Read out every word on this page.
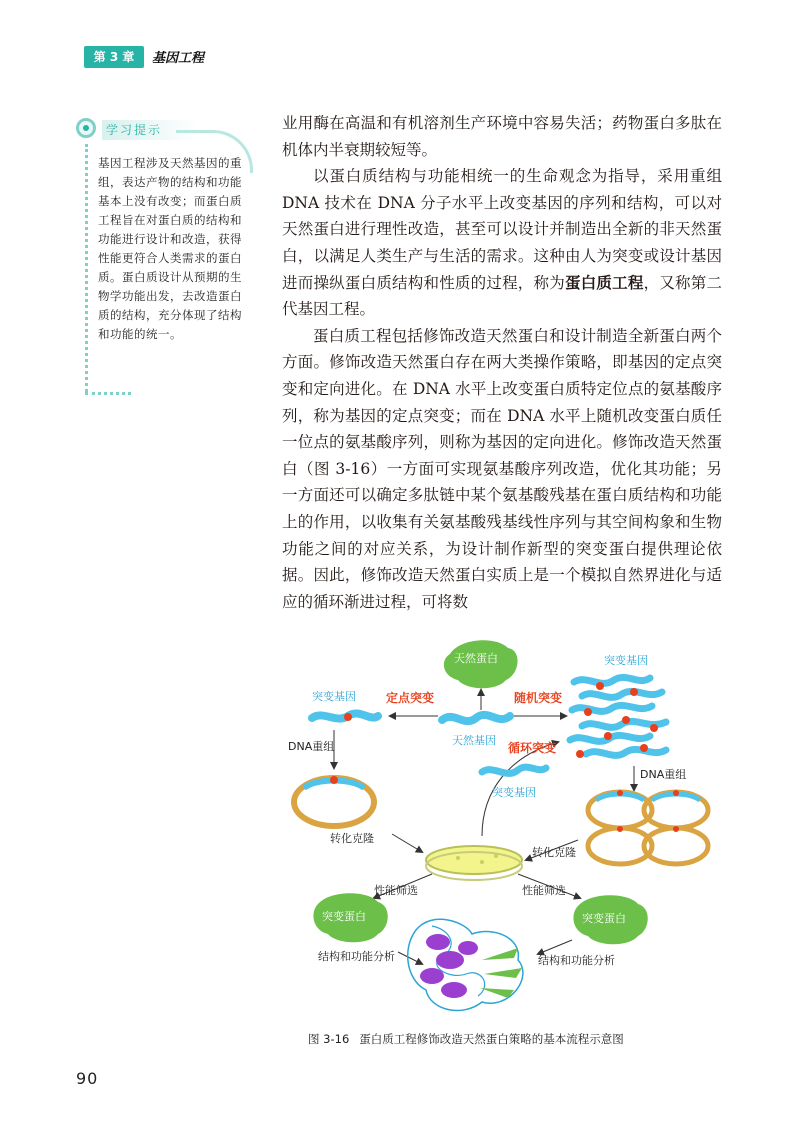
第 3 章	基因工程
学习提示

基因工程涉及天然基因的重组，表达产物的结构和功能基本上没有改变；而蛋白质工程旨在对蛋白质的结构和功能进行设计和改造，获得性能更符合人类需求的蛋白质。蛋白质设计从预期的生物学功能出发，去改造蛋白质的结构，充分体现了结构和功能的统一。

业用酶在高温和有机溶剂生产环境中容易失活；药物蛋白多肽在机体内半衰期较短等。

以蛋白质结构与功能相统一的生命观念为指导，采用重组 DNA 技术在 DNA 分子水平上改变基因的序列和结构，可以对天然蛋白进行理性改造，甚至可以设计并制造出全新的非天然蛋白，以满足人类生产与生活的需求。这种由人为突变或设计基因进而操纵蛋白质结构和性质的过程，称为蛋白质工程，又称第二代基因工程。

蛋白质工程包括修饰改造天然蛋白和设计制造全新蛋白两个方面。修饰改造天然蛋白存在两大类操作策略，即基因的定点突变和定向进化。在 DNA 水平上改变蛋白质特定位点的氨基酸序列，称为基因的定点突变；而在 DNA 水平上随机改变蛋白质任一位点的氨基酸序列，则称为基因的定向进化。修饰改造天然蛋白（图 3-16）一方面可实现氨基酸序列改造，优化其功能；另一方面还可以确定多肽链中某个氨基酸残基在蛋白质结构和功能上的作用，以收集有关氨基酸残基线性序列与其空间构象和生物功能之间的对应关系，为设计制作新型的突变蛋白提供理论依据。因此，修饰改造天然蛋白实质上是一个模拟自然界进化与适应的循环渐进过程，可将数

天然蛋白
天然基因
突变基因	定点突变	随机突变
突变基因
DNA重组
DNA重组
循环突变
突变基因
转化克隆
转化克隆
性能筛选	性能筛选
突变蛋白	突变蛋白
结构和功能分析	结构和功能分析
图 3-16 蛋白质工程修饰改造天然蛋白策略的基本流程示意图
90
